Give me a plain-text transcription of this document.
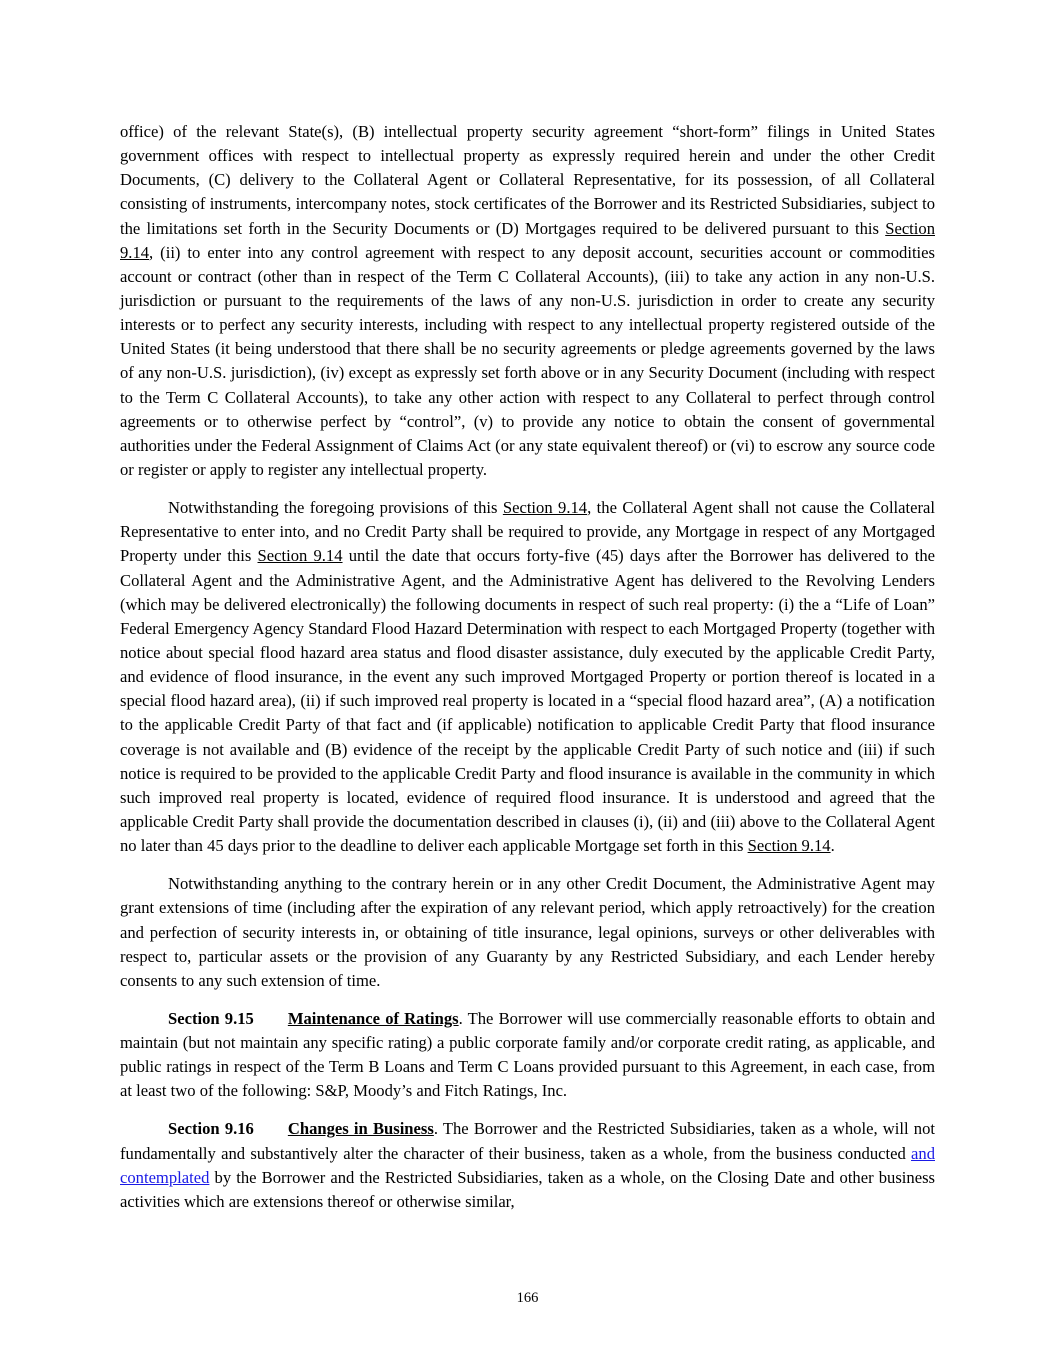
office) of the relevant State(s), (B) intellectual property security agreement “short-form” filings in United States government offices with respect to intellectual property as expressly required herein and under the other Credit Documents, (C) delivery to the Collateral Agent or Collateral Representative, for its possession, of all Collateral consisting of instruments, intercompany notes, stock certificates of the Borrower and its Restricted Subsidiaries, subject to the limitations set forth in the Security Documents or (D) Mortgages required to be delivered pursuant to this Section 9.14, (ii) to enter into any control agreement with respect to any deposit account, securities account or commodities account or contract (other than in respect of the Term C Collateral Accounts), (iii) to take any action in any non-U.S. jurisdiction or pursuant to the requirements of the laws of any non-U.S. jurisdiction in order to create any security interests or to perfect any security interests, including with respect to any intellectual property registered outside of the United States (it being understood that there shall be no security agreements or pledge agreements governed by the laws of any non-U.S. jurisdiction), (iv) except as expressly set forth above or in any Security Document (including with respect to the Term C Collateral Accounts), to take any other action with respect to any Collateral to perfect through control agreements or to otherwise perfect by “control”, (v) to provide any notice to obtain the consent of governmental authorities under the Federal Assignment of Claims Act (or any state equivalent thereof) or (vi) to escrow any source code or register or apply to register any intellectual property.

Notwithstanding the foregoing provisions of this Section 9.14, the Collateral Agent shall not cause the Collateral Representative to enter into, and no Credit Party shall be required to provide, any Mortgage in respect of any Mortgaged Property under this Section 9.14 until the date that occurs forty-five (45) days after the Borrower has delivered to the Collateral Agent and the Administrative Agent, and the Administrative Agent has delivered to the Revolving Lenders (which may be delivered electronically) the following documents in respect of such real property: (i) the a “Life of Loan” Federal Emergency Agency Standard Flood Hazard Determination with respect to each Mortgaged Property (together with notice about special flood hazard area status and flood disaster assistance, duly executed by the applicable Credit Party, and evidence of flood insurance, in the event any such improved Mortgaged Property or portion thereof is located in a special flood hazard area), (ii) if such improved real property is located in a “special flood hazard area”, (A) a notification to the applicable Credit Party of that fact and (if applicable) notification to applicable Credit Party that flood insurance coverage is not available and (B) evidence of the receipt by the applicable Credit Party of such notice and (iii) if such notice is required to be provided to the applicable Credit Party and flood insurance is available in the community in which such improved real property is located, evidence of required flood insurance. It is understood and agreed that the applicable Credit Party shall provide the documentation described in clauses (i), (ii) and (iii) above to the Collateral Agent no later than 45 days prior to the deadline to deliver each applicable Mortgage set forth in this Section 9.14.

Notwithstanding anything to the contrary herein or in any other Credit Document, the Administrative Agent may grant extensions of time (including after the expiration of any relevant period, which apply retroactively) for the creation and perfection of security interests in, or obtaining of title insurance, legal opinions, surveys or other deliverables with respect to, particular assets or the provision of any Guaranty by any Restricted Subsidiary, and each Lender hereby consents to any such extension of time.

Section 9.15 Maintenance of Ratings. The Borrower will use commercially reasonable efforts to obtain and maintain (but not maintain any specific rating) a public corporate family and/or corporate credit rating, as applicable, and public ratings in respect of the Term B Loans and Term C Loans provided pursuant to this Agreement, in each case, from at least two of the following: S&P, Moody’s and Fitch Ratings, Inc.

Section 9.16 Changes in Business. The Borrower and the Restricted Subsidiaries, taken as a whole, will not fundamentally and substantively alter the character of their business, taken as a whole, from the business conducted and contemplated by the Borrower and the Restricted Subsidiaries, taken as a whole, on the Closing Date and other business activities which are extensions thereof or otherwise similar,

166
